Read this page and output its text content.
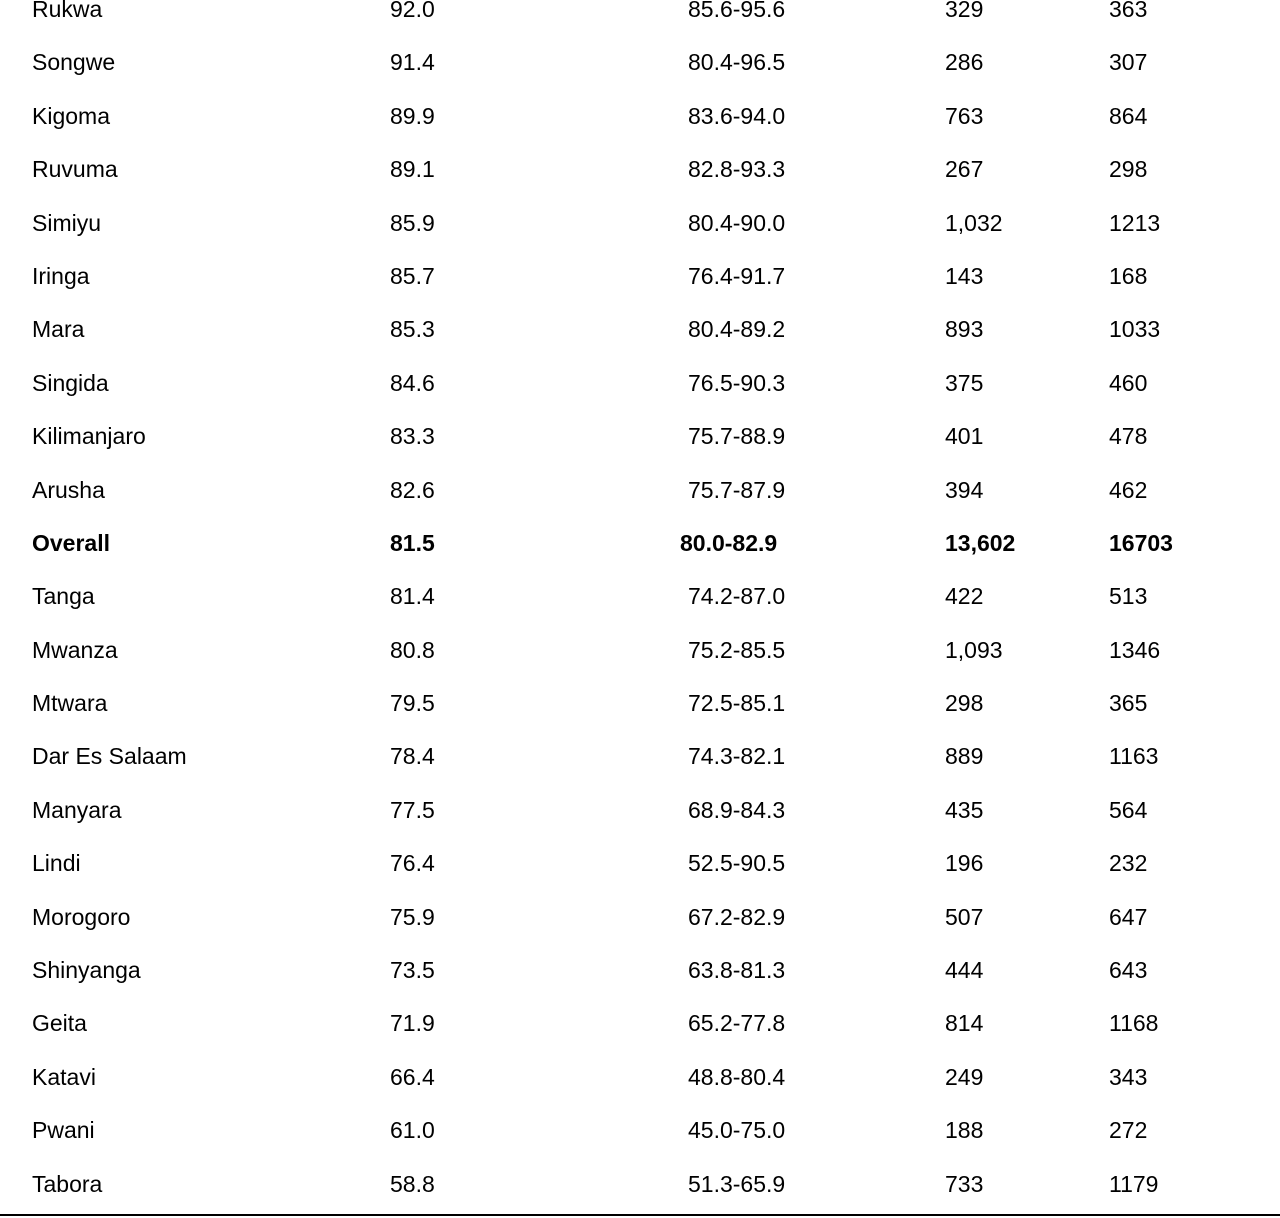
Rukwa	92.0	85.6-95.6	329	363
Songwe	91.4	80.4-96.5	286	307
Kigoma	89.9	83.6-94.0	763	864
Ruvuma	89.1	82.8-93.3	267	298
Simiyu	85.9	80.4-90.0	1,032	1213
Iringa	85.7	76.4-91.7	143	168
Mara	85.3	80.4-89.2	893	1033
Singida	84.6	76.5-90.3	375	460
Kilimanjaro	83.3	75.7-88.9	401	478
Arusha	82.6	75.7-87.9	394	462
Overall	81.5	80.0-82.9	13,602	16703
Tanga	81.4	74.2-87.0	422	513
Mwanza	80.8	75.2-85.5	1,093	1346
Mtwara	79.5	72.5-85.1	298	365
Dar Es Salaam	78.4	74.3-82.1	889	1163
Manyara	77.5	68.9-84.3	435	564
Lindi	76.4	52.5-90.5	196	232
Morogoro	75.9	67.2-82.9	507	647
Shinyanga	73.5	63.8-81.3	444	643
Geita	71.9	65.2-77.8	814	1168
Katavi	66.4	48.8-80.4	249	343
Pwani	61.0	45.0-75.0	188	272
Tabora	58.8	51.3-65.9	733	1179
